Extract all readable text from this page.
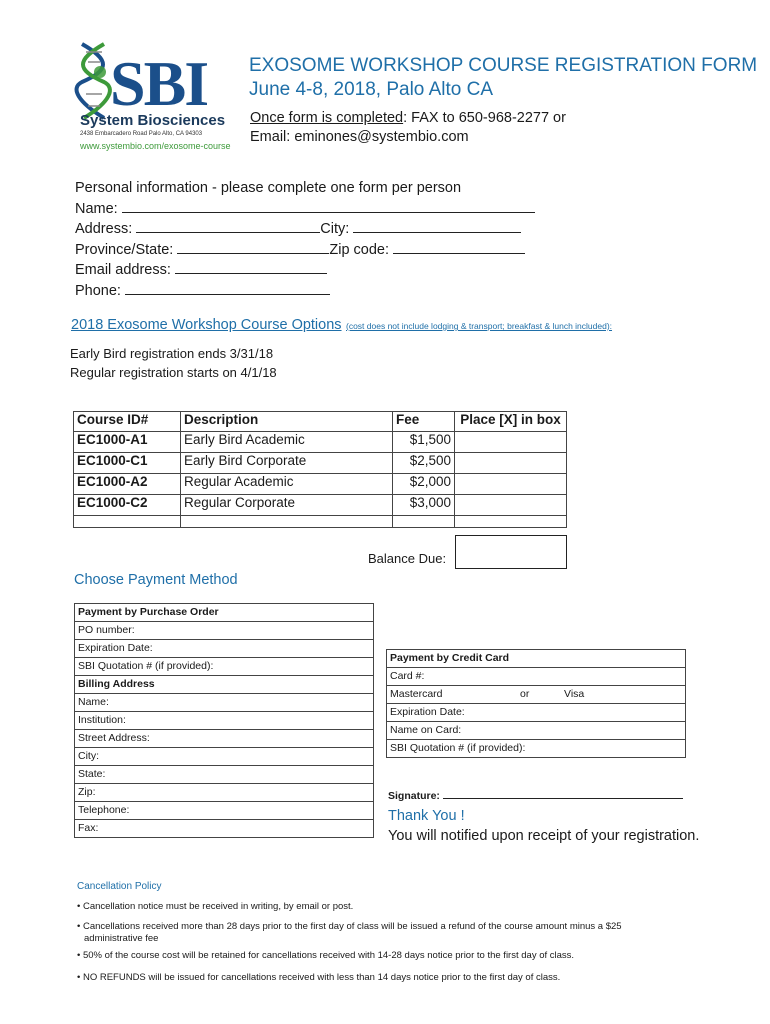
SBI
System Biosciences
2438 Embarcadero Road Palo Alto, CA 94303
www.systembio.com/exosome-course
EXOSOME WORKSHOP COURSE REGISTRATION FORM
June 4-8, 2018, Palo Alto CA
Once form is completed: FAX to 650-968-2277 or
Email: eminones@systembio.com
Personal information - please complete one form per person
Name:
Address:	City:
Province/State:	Zip code:
Email address:
Phone:
2018 Exosome Workshop Course Options (cost does not include lodging & transport; breakfast & lunch included):
Early Bird registration ends 3/31/18
Regular registration starts on 4/1/18
Course ID#	Description	Fee	Place [X] in box
EC1000-A1	Early Bird Academic	$1,500	
EC1000-C1	Early Bird Corporate	$2,500	
EC1000-A2	Regular Academic	$2,000	
EC1000-C2	Regular Corporate	$3,000	

Balance Due:
Choose Payment Method
Payment by Purchase Order
PO number:
Expiration Date:
SBI Quotation # (if provided):
Billing Address
Name:
Institution:
Street Address:
City:
State:
Zip:
Telephone:
Fax:
Payment by Credit Card
Card #:
Mastercard	or	Visa
Expiration Date:
Name on Card:
SBI Quotation # (if provided):
Signature:
Thank You !
You will notified upon receipt of your registration.
Cancellation Policy
• Cancellation notice must be received in writing, by email or post.
• Cancellations received more than 28 days prior to the first day of class will be issued a refund of the course amount minus a $25
administrative fee
• 50% of the course cost will be retained for cancellations received with 14-28 days notice prior to the first day of class.
• NO REFUNDS will be issued for cancellations received with less than 14 days notice prior to the first day of class.
